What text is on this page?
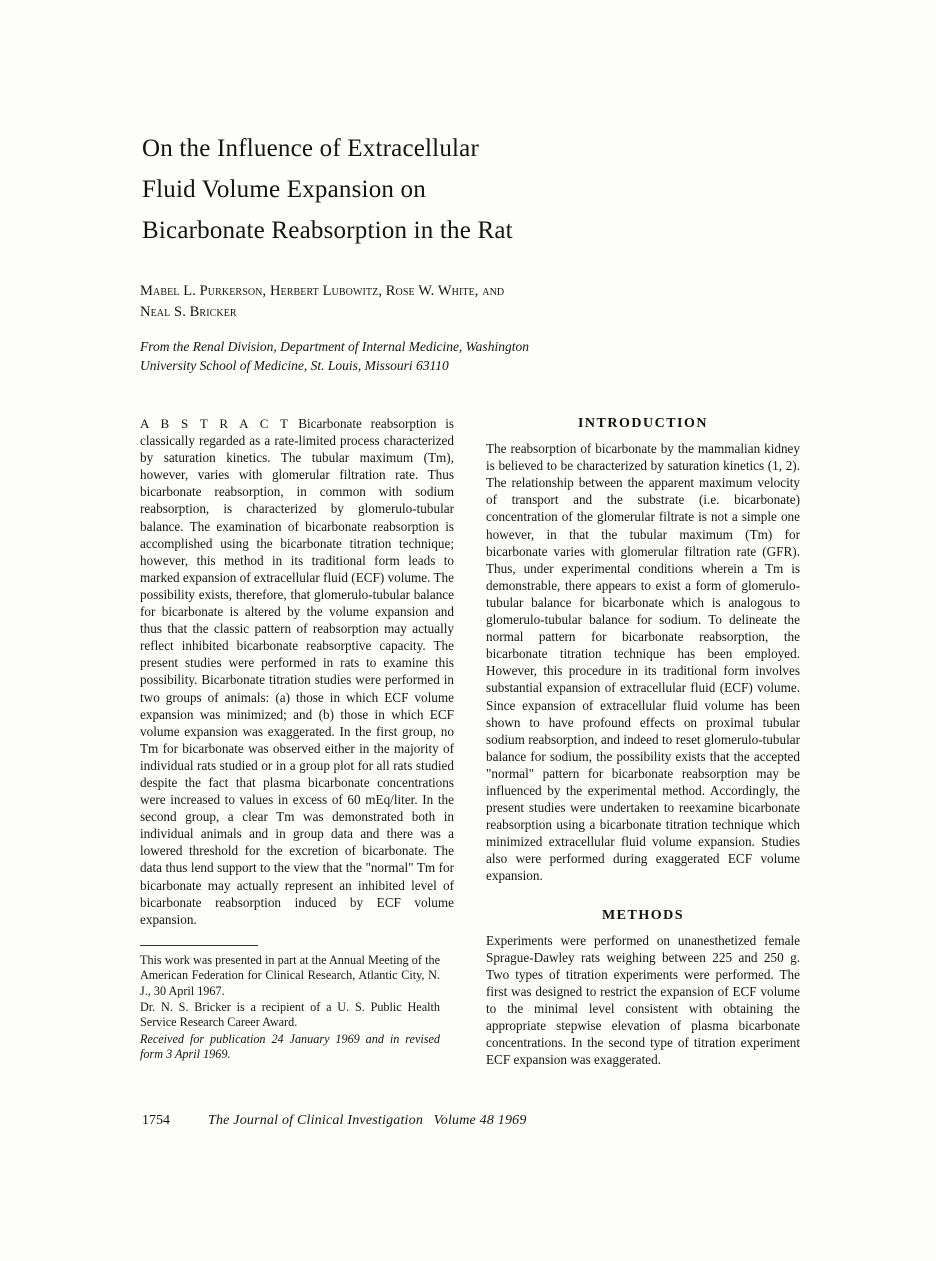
On the Influence of Extracellular
Fluid Volume Expansion on
Bicarbonate Reabsorption in the Rat
Mabel L. Purkerson, Herbert Lubowitz, Rose W. White, and
Neal S. Bricker
From the Renal Division, Department of Internal Medicine, Washington
University School of Medicine, St. Louis, Missouri 63110

A B S T R A C T Bicarbonate reabsorption is classically regarded as a rate-limited process characterized by saturation kinetics. The tubular maximum (Tm), however, varies with glomerular filtration rate. Thus bicarbonate reabsorption, in common with sodium reabsorption, is characterized by glomerulo-tubular balance. The examination of bicarbonate reabsorption is accomplished using the bicarbonate titration technique; however, this method in its traditional form leads to marked expansion of extracellular fluid (ECF) volume. The possibility exists, therefore, that glomerulo-tubular balance for bicarbonate is altered by the volume expansion and thus that the classic pattern of reabsorption may actually reflect inhibited bicarbonate reabsorptive capacity. The present studies were performed in rats to examine this possibility. Bicarbonate titration studies were performed in two groups of animals: (a) those in which ECF volume expansion was minimized; and (b) those in which ECF volume expansion was exaggerated. In the first group, no Tm for bicarbonate was observed either in the majority of individual rats studied or in a group plot for all rats studied despite the fact that plasma bicarbonate concentrations were increased to values in excess of 60 mEq/liter. In the second group, a clear Tm was demonstrated both in individual animals and in group data and there was a lowered threshold for the excretion of bicarbonate. The data thus lend support to the view that the "normal" Tm for bicarbonate may actually represent an inhibited level of bicarbonate reabsorption induced by ECF volume expansion.

This work was presented in part at the Annual Meeting of the American Federation for Clinical Research, Atlantic City, N. J., 30 April 1967.

Dr. N. S. Bricker is a recipient of a U. S. Public Health Service Research Career Award.

Received for publication 24 January 1969 and in revised form 3 April 1969.

INTRODUCTION

The reabsorption of bicarbonate by the mammalian kidney is believed to be characterized by saturation kinetics (1, 2). The relationship between the apparent maximum velocity of transport and the substrate (i.e. bicarbonate) concentration of the glomerular filtrate is not a simple one however, in that the tubular maximum (Tm) for bicarbonate varies with glomerular filtration rate (GFR). Thus, under experimental conditions wherein a Tm is demonstrable, there appears to exist a form of glomerulo-tubular balance for bicarbonate which is analogous to glomerulo-tubular balance for sodium. To delineate the normal pattern for bicarbonate reabsorption, the bicarbonate titration technique has been employed. However, this procedure in its traditional form involves substantial expansion of extracellular fluid (ECF) volume. Since expansion of extracellular fluid volume has been shown to have profound effects on proximal tubular sodium reabsorption, and indeed to reset glomerulo-tubular balance for sodium, the possibility exists that the accepted "normal" pattern for bicarbonate reabsorption may be influenced by the experimental method. Accordingly, the present studies were undertaken to reexamine bicarbonate reabsorption using a bicarbonate titration technique which minimized extracellular fluid volume expansion. Studies also were performed during exaggerated ECF volume expansion.

METHODS

Experiments were performed on unanesthetized female Sprague-Dawley rats weighing between 225 and 250 g. Two types of titration experiments were performed. The first was designed to restrict the expansion of ECF volume to the minimal level consistent with obtaining the appropriate stepwise elevation of plasma bicarbonate concentrations. In the second type of titration experiment ECF expansion was exaggerated.

1754	The Journal of Clinical Investigation Volume 48 1969
